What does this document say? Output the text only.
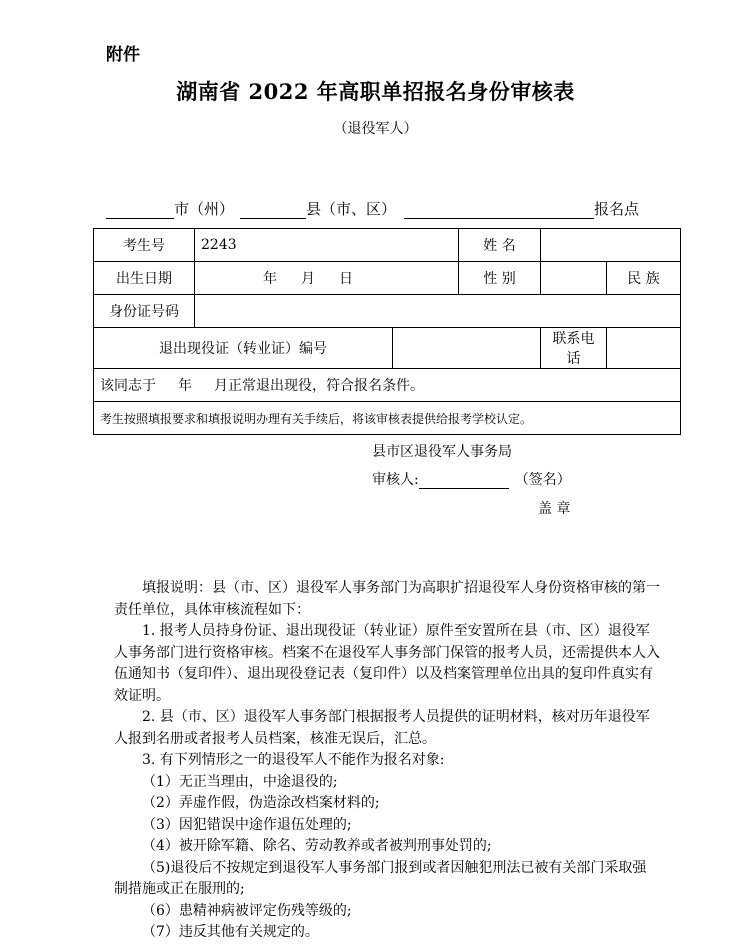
附件
湖南省 2022 年高职单招报名身份审核表
（退役军人）
市（州）	县（市、区）	报名点
考生号	2243		姓 名		
出生日期	年 月 日		性 别		民 族
身份证号码					
退出现役证（转业证）编号				联系电话	

该同志于 年 月正常退出现役，符合报名条件。
县市区退役军人事务局
审核人: （签名）
盖 章					

考生按照填报要求和填报说明办理有关手续后，将该审核表提供给报考学校认定。					

填报说明：县（市、区）退役军人事务部门为高职扩招退役军人身份资格审核的第一责任单位，具体审核流程如下：

1. 报考人员持身份证、退出现役证（转业证）原件至安置所在县（市、区）退役军人事务部门进行资格审核。档案不在退役军人事务部门保管的报考人员，还需提供本人入伍通知书（复印件）、退出现役登记表（复印件）以及档案管理单位出具的复印件真实有效证明。

2. 县（市、区）退役军人事务部门根据报考人员提供的证明材料，核对历年退役军人报到名册或者报考人员档案，核准无误后，汇总。

3. 有下列情形之一的退役军人不能作为报名对象:

（1）无正当理由，中途退役的;

（2）弄虚作假，伪造涂改档案材料的;

（3）因犯错误中途作退伍处理的;

（4）被开除军籍、除名、劳动教养或者被判刑事处罚的;

（5)退役后不按规定到退役军人事务部门报到或者因触犯刑法已被有关部门采取强制措施或正在服刑的;

（6）患精神病被评定伤残等级的;

（7）违反其他有关规定的。
